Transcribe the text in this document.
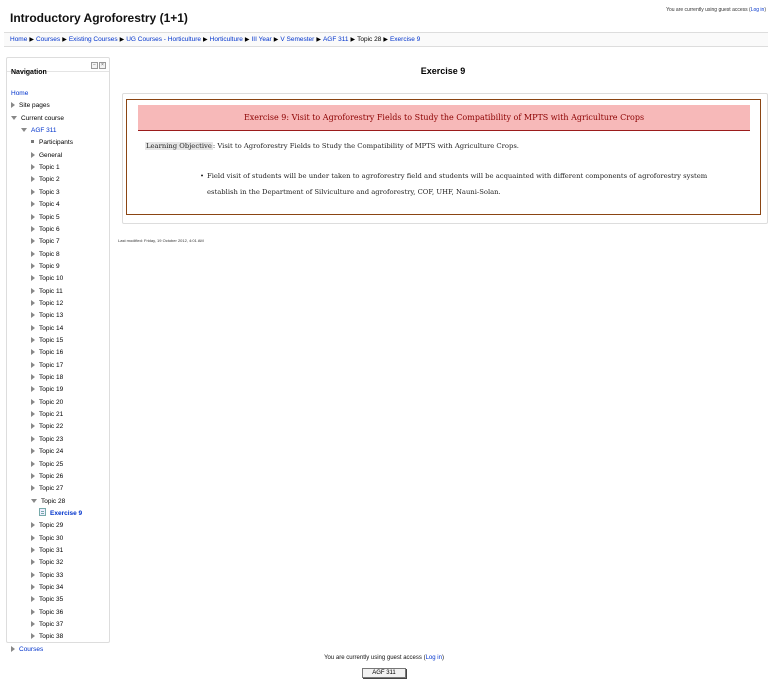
Introductory Agroforestry (1+1)
You are currently using guest access (Log in)
Home ▶ Courses ▶ Existing Courses ▶ UG Courses - Horticulture ▶ Horticulture ▶ III Year ▶ V Semester ▶ AGF 311 ▶ Topic 28 ▶ Exercise 9
Navigation
− ×
Home
Site pages
Current course
AGF 311
Participants
General
Topic 1
Topic 2
Topic 3
Topic 4
Topic 5
Topic 6
Topic 7
Topic 8
Topic 9
Topic 10
Topic 11
Topic 12
Topic 13
Topic 14
Topic 15
Topic 16
Topic 17
Topic 18
Topic 19
Topic 20
Topic 21
Topic 22
Topic 23
Topic 24
Topic 25
Topic 26
Topic 27
Topic 28
Exercise 9
Topic 29
Topic 30
Topic 31
Topic 32
Topic 33
Topic 34
Topic 35
Topic 36
Topic 37
Topic 38
Courses
Exercise 9
Exercise 9: Visit to Agroforestry Fields to Study the Compatibility of MPTS with Agriculture Crops
Learning Objective: Visit to Agroforestry Fields to Study the Compatibility of MPTS with Agriculture Crops.
• Field visit of students will be under taken to agroforestry field and students will be acquainted with different components of agroforestry system establish in the Department of Silviculture and agroforestry, COF, UHF, Nauni-Solan.
Last modified: Friday, 19 October 2012, 4:01 AM
You are currently using guest access (Log in)
AGF 311
